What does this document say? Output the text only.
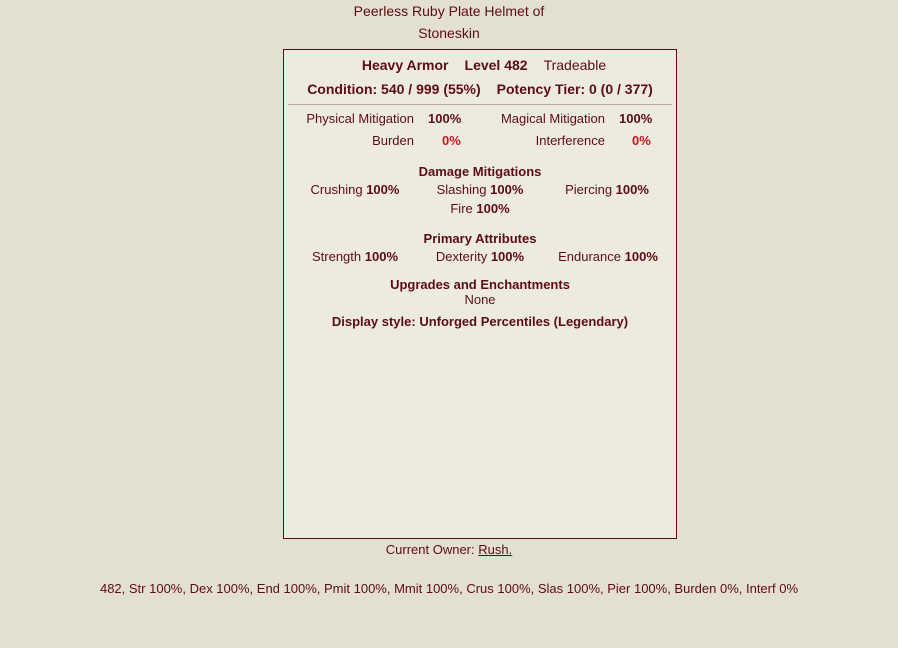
Peerless Ruby Plate Helmet of
Stoneskin
Heavy Armor Level 482 Tradeable
Condition: 540 / 999 (55%) Potency Tier: 0 (0 / 377)
Physical Mitigation 100%	Magical Mitigation 100%
Burden 0%	Interference 0%
Damage Mitigations
Crushing 100%	Slashing 100%	Piercing 100%
Fire 100%
Primary Attributes
Strength 100%	Dexterity 100%	Endurance 100%
Upgrades and Enchantments
None
Display style: Unforged Percentiles (Legendary)
Current Owner: Rush.
482, Str 100%, Dex 100%, End 100%, Pmit 100%, Mmit 100%, Crus 100%, Slas 100%, Pier 100%, Burden 0%, Interf 0%
